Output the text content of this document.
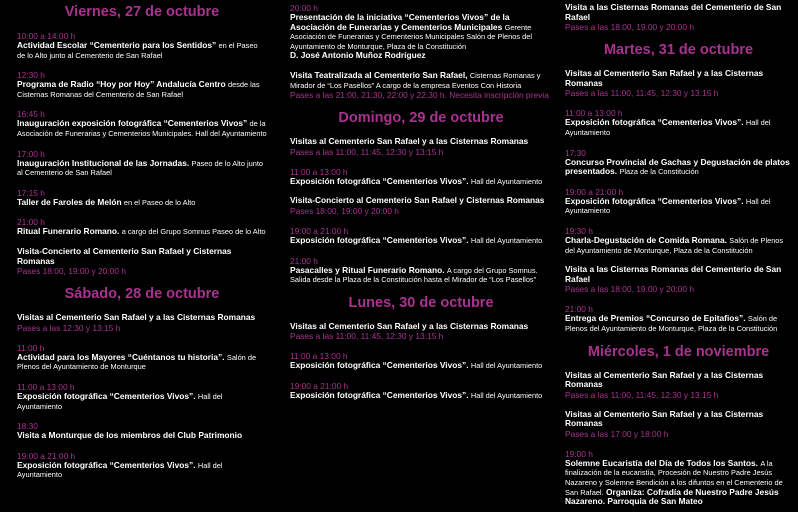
Viernes, 27 de octubre
10:00 a 14:00 h
Actividad Escolar “Cementerio para los Sentidos” en el Paseo de lo Alto junto al Cementerio de San Rafael
12:30 h
Programa de Radio “Hoy por Hoy” Andalucía Centro desde las Cisternas Romanas del Cementerio de San Rafael
16:45 h
Inauguración exposición fotográfica “Cementerios Vivos” de la Asociación de Funerarias y Cementerios Municipales. Hall del Ayuntamiento
17:00 h
Inauguración Institucional de las Jornadas. Paseo de lo Alto junto al Cementerio de San Rafael
17:15 h
Taller de Faroles de Melón en el Paseo de lo Alto
21:00 h
Ritual Funerario Romano. a cargo del Grupo Somnus Paseo de lo Alto
Visita-Concierto al Cementerio San Rafael y Cisternas Romanas
Pases 18:00, 19:00 y 20:00 h
Sábado, 28 de octubre
Visitas al Cementerio San Rafael y a las Cisternas Romanas
Pases a las 12:30 y 13:15 h
11:00 h
Actividad para los Mayores “Cuéntanos tu historia”. Salón de Plenos del Ayuntamiento de Monturque
11:00 a 13:00 h
Exposición fotográfica “Cementerios Vivos”. Hall del Ayuntamiento
18:30
Visita a Monturque de los miembros del Club Patrimonio
19:00 a 21:00 h
Exposición fotográfica “Cementerios Vivos”. Hall del Ayuntamiento
20:00 h
Presentación de la iniciativa “Cementerios Vivos” de la Asociación de Funerarias y Cementerios Municipales Gerente Asociación de Funerarias y Cementerios Municipales Salón de Plenos del Ayuntamiento de Monturque, Plaza de la Constitución
D. José Antonio Muñoz Rodríguez
Visita Teatralizada al Cementerio San Rafael, Cisternas Romanas y Mirador de “Los Pasellos” A cargo de la empresa Eventos Con Historia
Pases a las 21:00, 21:30, 22:00 y 22:30 h. Necesita inscripción previa
Domingo, 29 de octubre
Visitas al Cementerio San Rafael y a las Cisternas Romanas
Pases a las 11:00, 11:45, 12:30 y 13:15 h
11:00 a 13:00 h
Exposición fotográfica “Cementerios Vivos”. Hall del Ayuntamiento
Visita-Concierto al Cementerio San Rafael y Cisternas Romanas
Pases 18:00, 19:00 y 20:00 h
19:00 a 21:00 h
Exposición fotográfica “Cementerios Vivos”. Hall del Ayuntamiento
21:00 h
Pasacalles y Ritual Funerario Romano. A cargo del Grupo Somnus. Salida desde la Plaza de la Constitución hasta el Mirador de “Los Pasellos”
Lunes, 30 de octubre
Visitas al Cementerio San Rafael y a las Cisternas Romanas
Pases a las 11:00, 11:45, 12:30 y 13:15 h
11:00 a 13:00 h
Exposición fotográfica “Cementerios Vivos”. Hall del Ayuntamiento
19:00 a 21:00 h
Exposición fotográfica “Cementerios Vivos”. Hall del Ayuntamiento
Visita a las Cisternas Romanas del Cementerio de San Rafael
Pases a las 18:00, 19:00 y 20:00 h
Martes, 31 de octubre
Visitas al Cementerio San Rafael y a las Cisternas Romanas
Pases a las 11:00, 11:45, 12:30 y 13:15 h
11:00 a 13:00 h
Exposición fotográfica “Cementerios Vivos”. Hall del Ayuntamiento
17:30
Concurso Provincial de Gachas y Degustación de platos presentados. Plaza de la Constitución
19:00 a 21:00 h
Exposición fotográfica “Cementerios Vivos”. Hall del Ayuntamiento
19:30 h
Charla-Degustación de Comida Romana. Salón de Plenos del Ayuntamiento de Monturque, Plaza de la Constitución
Visita a las Cisternas Romanas del Cementerio de San Rafael
Pases a las 18:00, 19:00 y 20:00 h
21:00 h
Entrega de Premios “Concurso de Epitafios”. Salón de Plenos del Ayuntamiento de Monturque, Plaza de la Constitución
Miércoles, 1 de noviembre
Visitas al Cementerio San Rafael y a las Cisternas Romanas
Pases a las 11:00, 11:45, 12:30 y 13:15 h
Visitas al Cementerio San Rafael y a las Cisternas Romanas
Pases a las 17:00 y 18:00 h
19:00 h
Solemne Eucaristía del Día de Todos los Santos. A la finalización de la eucaristía, Procesión de Nuestro Padre Jesús Nazareno y Solemne Bendición a los difuntos en el Cementerio de San Rafael. Organiza: Cofradía de Nuestro Padre Jesús Nazareno. Parroquia de San Mateo
